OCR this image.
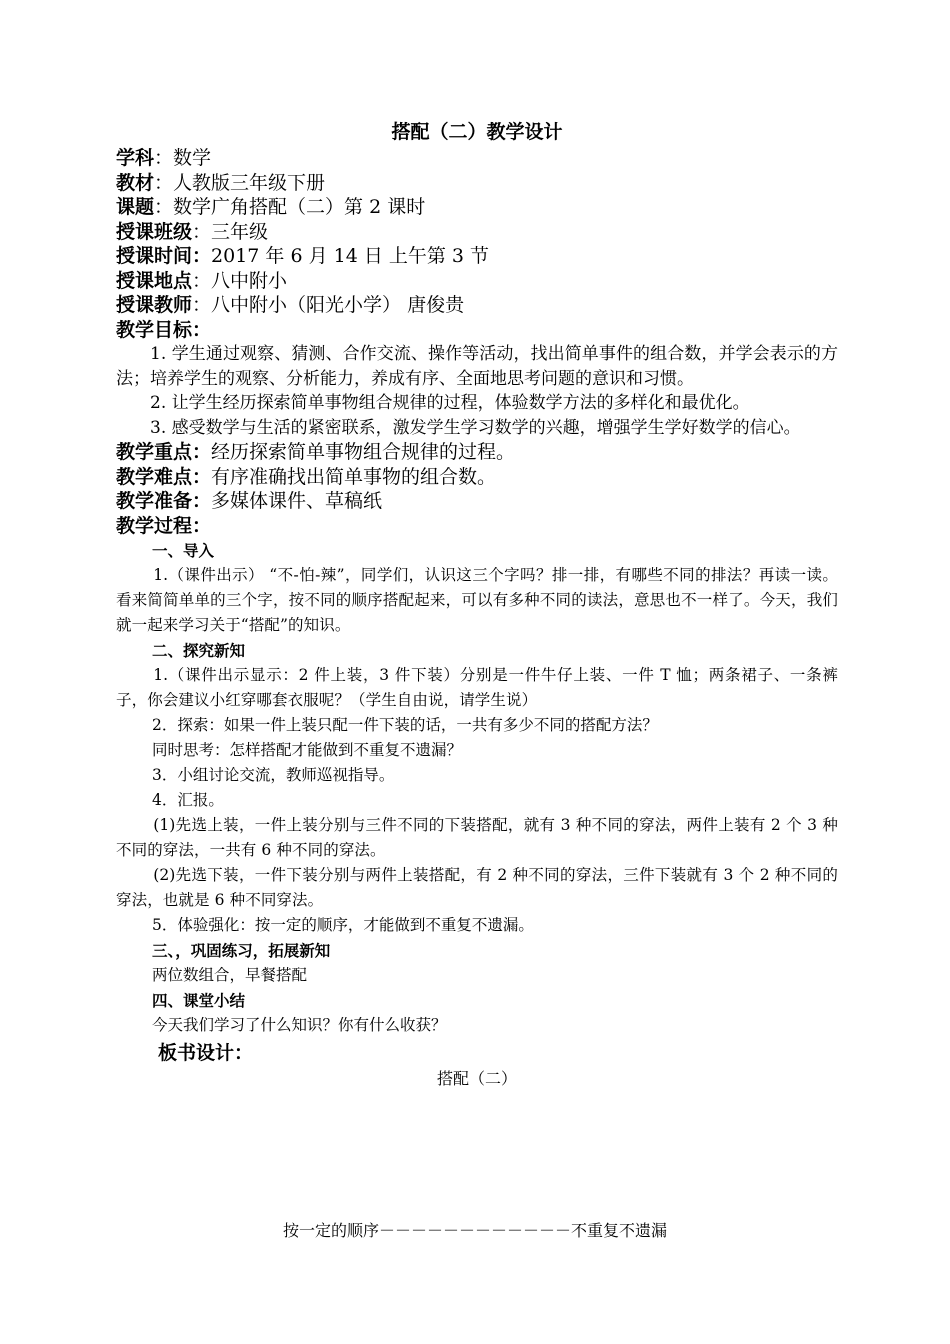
搭配（二）教学设计

学科：数学

教材：人教版三年级下册

课题：数学广角搭配（二）第 2 课时

授课班级：三年级

授课时间：2017 年 6 月 14 日 上午第 3 节

授课地点：八中附小

授课教师：八中附小（阳光小学） 唐俊贵

教学目标：

1. 学生通过观察、猜测、合作交流、操作等活动，找出简单事件的组合数，并学会表示的方法；培养学生的观察、分析能力，养成有序、全面地思考问题的意识和习惯。

2. 让学生经历探索简单事物组合规律的过程，体验数学方法的多样化和最优化。

3. 感受数学与生活的紧密联系，激发学生学习数学的兴趣，增强学生学好数学的信心。

教学重点：经历探索简单事物组合规律的过程。

教学难点：有序准确找出简单事物的组合数。

教学准备：多媒体课件、草稿纸

教学过程：

一、导入

1.（课件出示） “不-怕-辣”，同学们，认识这三个字吗？排一排，有哪些不同的排法？再读一读。看来简简单单的三个字，按不同的顺序搭配起来，可以有多种不同的读法，意思也不一样了。今天，我们就一起来学习关于“搭配”的知识。

二、探究新知

1.（课件出示显示：2 件上装，3 件下装）分别是一件牛仔上装、一件 T 恤；两条裙子、一条裤子，你会建议小红穿哪套衣服呢？（学生自由说，请学生说）

2．探索：如果一件上装只配一件下装的话，一共有多少不同的搭配方法？

同时思考：怎样搭配才能做到不重复不遗漏？

3．小组讨论交流，教师巡视指导。

4．汇报。

(1)先选上装，一件上装分别与三件不同的下装搭配，就有 3 种不同的穿法，两件上装有 2 个 3 种不同的穿法，一共有 6 种不同的穿法。

(2)先选下装，一件下装分别与两件上装搭配，有 2 种不同的穿法，三件下装就有 3 个 2 种不同的穿法，也就是 6 种不同穿法。

5．体验强化：按一定的顺序，才能做到不重复不遗漏。

三、，巩固练习，拓展新知

两位数组合，早餐搭配

四、课堂小结

今天我们学习了什么知识？你有什么收获？

板书设计：

搭配（二）

按一定的顺序－－－－－－－－－－－－不重复不遗漏
